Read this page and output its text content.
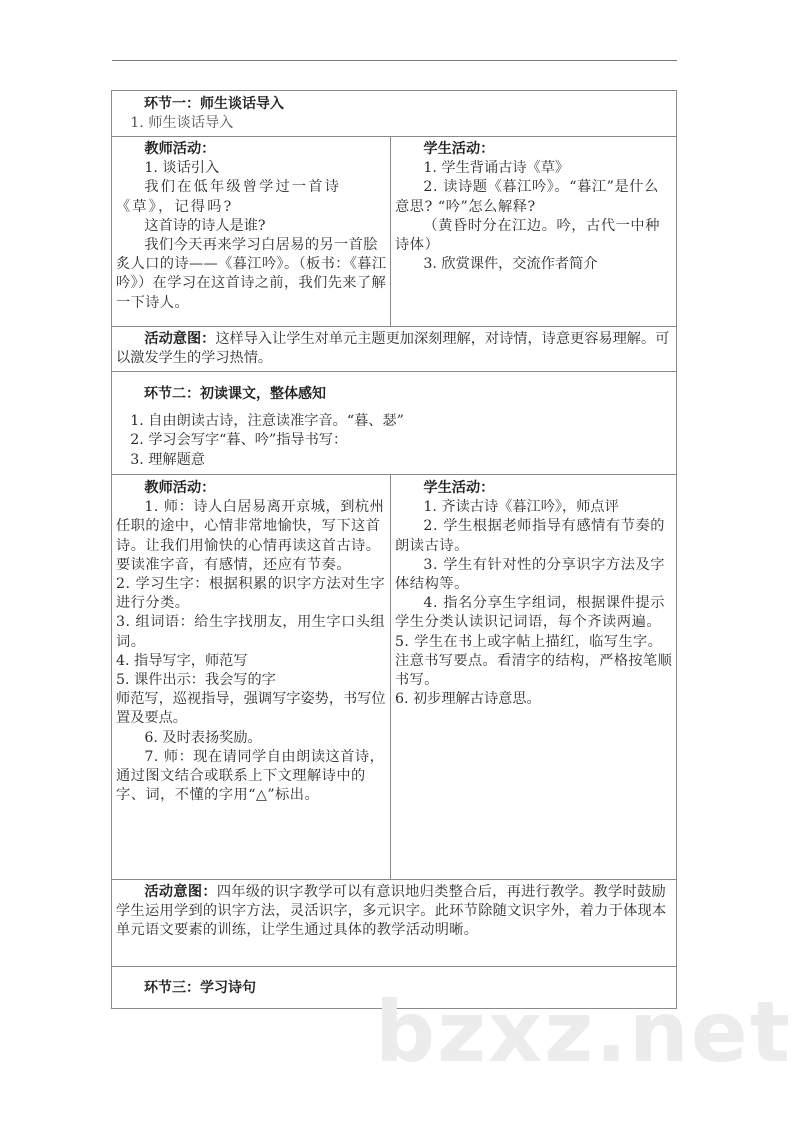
环节一：师生谈话导入

1. 师生谈话导入

教师活动：

1. 谈话引入

我们在低年级曾学过一首诗《草》，记得吗?

这首诗的诗人是谁?

我们今天再来学习白居易的另一首脍炙人口的诗——《暮江吟》。（板书：《暮江吟》）在学习在这首诗之前，我们先来了解一下诗人。

学生活动：

1. 学生背诵古诗《草》

2. 读诗题《暮江吟》。“暮江”是什么意思? “吟”怎么解释?

（黄昏时分在江边。吟，古代一中种诗体）

3. 欣赏课件，交流作者简介

活动意图：这样导入让学生对单元主题更加深刻理解，对诗情，诗意更容易理解。可以激发学生的学习热情。

环节二：初读课文，整体感知

1. 自由朗读古诗，注意读准字音。“暮、瑟”

2. 学习会写字“暮、吟”指导书写：

3. 理解题意

教师活动：

1. 师：诗人白居易离开京城，到杭州任职的途中，心情非常地愉快，写下这首诗。让我们用愉快的心情再读这首古诗。要读准字音，有感情，还应有节奏。

2. 学习生字：根据积累的识字方法对生字进行分类。

3. 组词语：给生字找朋友，用生字口头组词。

4. 指导写字，师范写

5. 课件出示：我会写的字

师范写，巡视指导，强调写字姿势，书写位置及要点。

6. 及时表扬奖励。

7. 师：现在请同学自由朗读这首诗，通过图文结合或联系上下文理解诗中的字、词，不懂的字用“△”标出。

学生活动：

1. 齐读古诗《暮江吟》，师点评

2. 学生根据老师指导有感情有节奏的朗读古诗。

3. 学生有针对性的分享识字方法及字体结构等。

4. 指名分享生字组词，根据课件提示学生分类认读识记词语，每个齐读两遍。

5. 学生在书上或字帖上描红，临写生字。注意书写要点。看清字的结构，严格按笔顺书写。

6. 初步理解古诗意思。

活动意图：四年级的识字教学可以有意识地归类整合后，再进行教学。教学时鼓励学生运用学到的识字方法，灵活识字，多元识字。此环节除随文识字外，着力于体现本单元语文要素的训练，让学生通过具体的教学活动明晰。

环节三：学习诗句	bzxz.net
